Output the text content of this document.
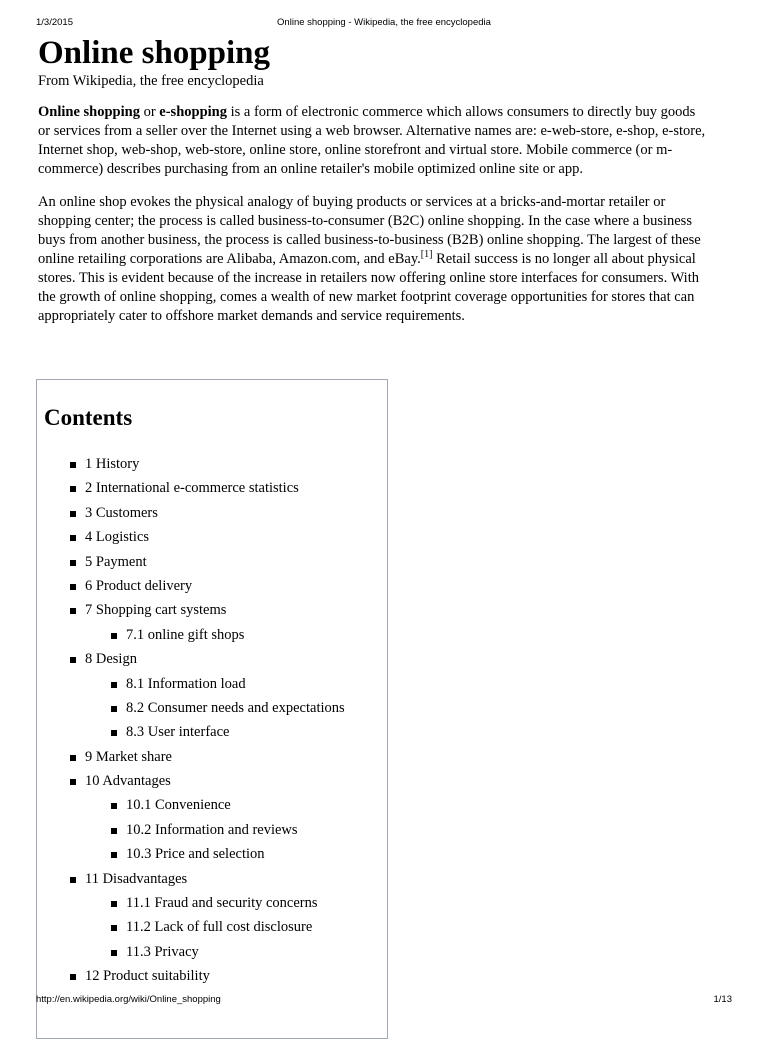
1/3/2015	Online shopping - Wikipedia, the free encyclopedia
Online shopping
From Wikipedia, the free encyclopedia

Online shopping or e-shopping is a form of electronic commerce which allows consumers to directly buy goods or services from a seller over the Internet using a web browser. Alternative names are: e-web-store, e-shop, e-store, Internet shop, web-shop, web-store, online store, online storefront and virtual store. Mobile commerce (or m-commerce) describes purchasing from an online retailer's mobile optimized online site or app.

An online shop evokes the physical analogy of buying products or services at a bricks-and-mortar retailer or shopping center; the process is called business-to-consumer (B2C) online shopping. In the case where a business buys from another business, the process is called business-to-business (B2B) online shopping. The largest of these online retailing corporations are Alibaba, Amazon.com, and eBay.[1] Retail success is no longer all about physical stores. This is evident because of the increase in retailers now offering online store interfaces for consumers. With the growth of online shopping, comes a wealth of new market footprint coverage opportunities for stores that can appropriately cater to offshore market demands and service requirements.

Contents
1 History
2 International e-commerce statistics
3 Customers
4 Logistics
5 Payment
6 Product delivery
7 Shopping cart systems
7.1 online gift shops
8 Design
8.1 Information load
8.2 Consumer needs and expectations
8.3 User interface
9 Market share
10 Advantages
10.1 Convenience
10.2 Information and reviews
10.3 Price and selection
11 Disadvantages
11.1 Fraud and security concerns
11.2 Lack of full cost disclosure
11.3 Privacy
12 Product suitability
http://en.wikipedia.org/wiki/Online_shopping	1/13
